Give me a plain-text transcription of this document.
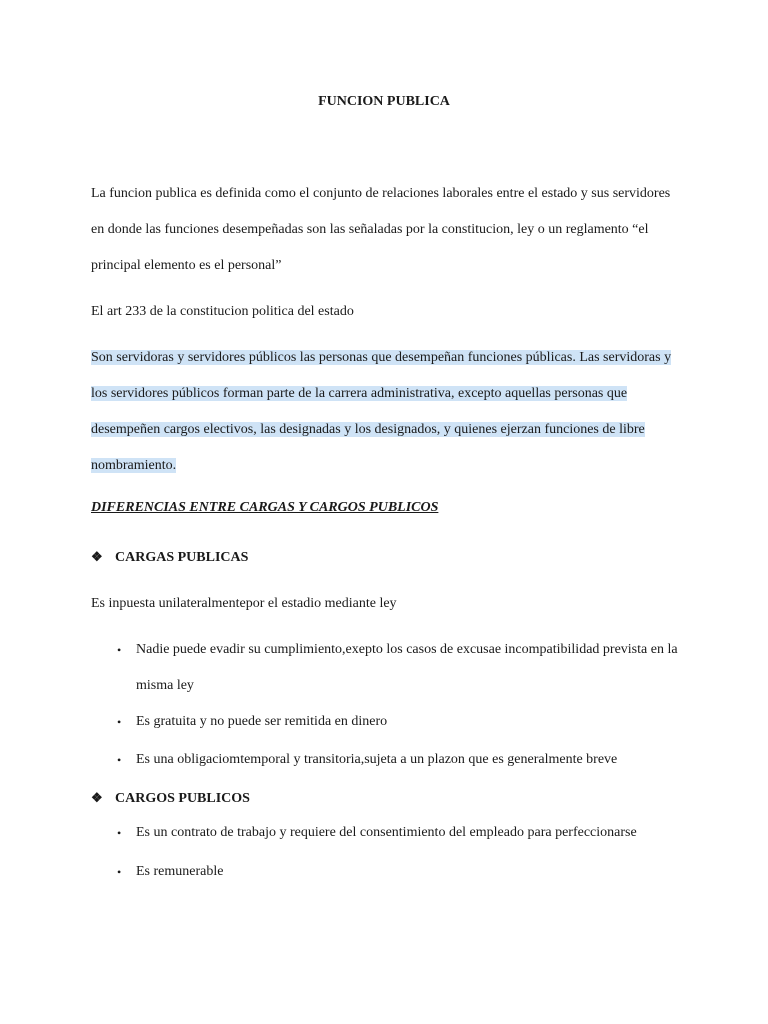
FUNCION PUBLICA

La funcion publica es definida como el conjunto de relaciones laborales entre el estado y sus servidores en donde las funciones desempeñadas son las señaladas por la constitucion, ley o un reglamento “el principal elemento es el personal”

El art 233 de la constitucion politica del estado

Son servidoras y servidores públicos las personas que desempeñan funciones públicas. Las servidoras y los servidores públicos forman parte de la carrera administrativa, excepto aquellas personas que desempeñen cargos electivos, las designadas y los designados, y quienes ejerzan funciones de libre nombramiento.

DIFERENCIAS ENTRE CARGAS Y CARGOS PUBLICOS
❖ CARGAS PUBLICAS

Es inpuesta unilateralmentepor el estadio mediante ley

• Nadie puede evadir su cumplimiento,exepto los casos de excusae incompatibilidad prevista en la misma ley
• Es gratuita y no puede ser remitida en dinero
• Es una obligaciomtemporal y transitoria,sujeta a un plazon que es generalmente breve
❖ CARGOS PUBLICOS
• Es un contrato de trabajo y requiere del consentimiento del empleado para perfeccionarse
• Es remunerable
